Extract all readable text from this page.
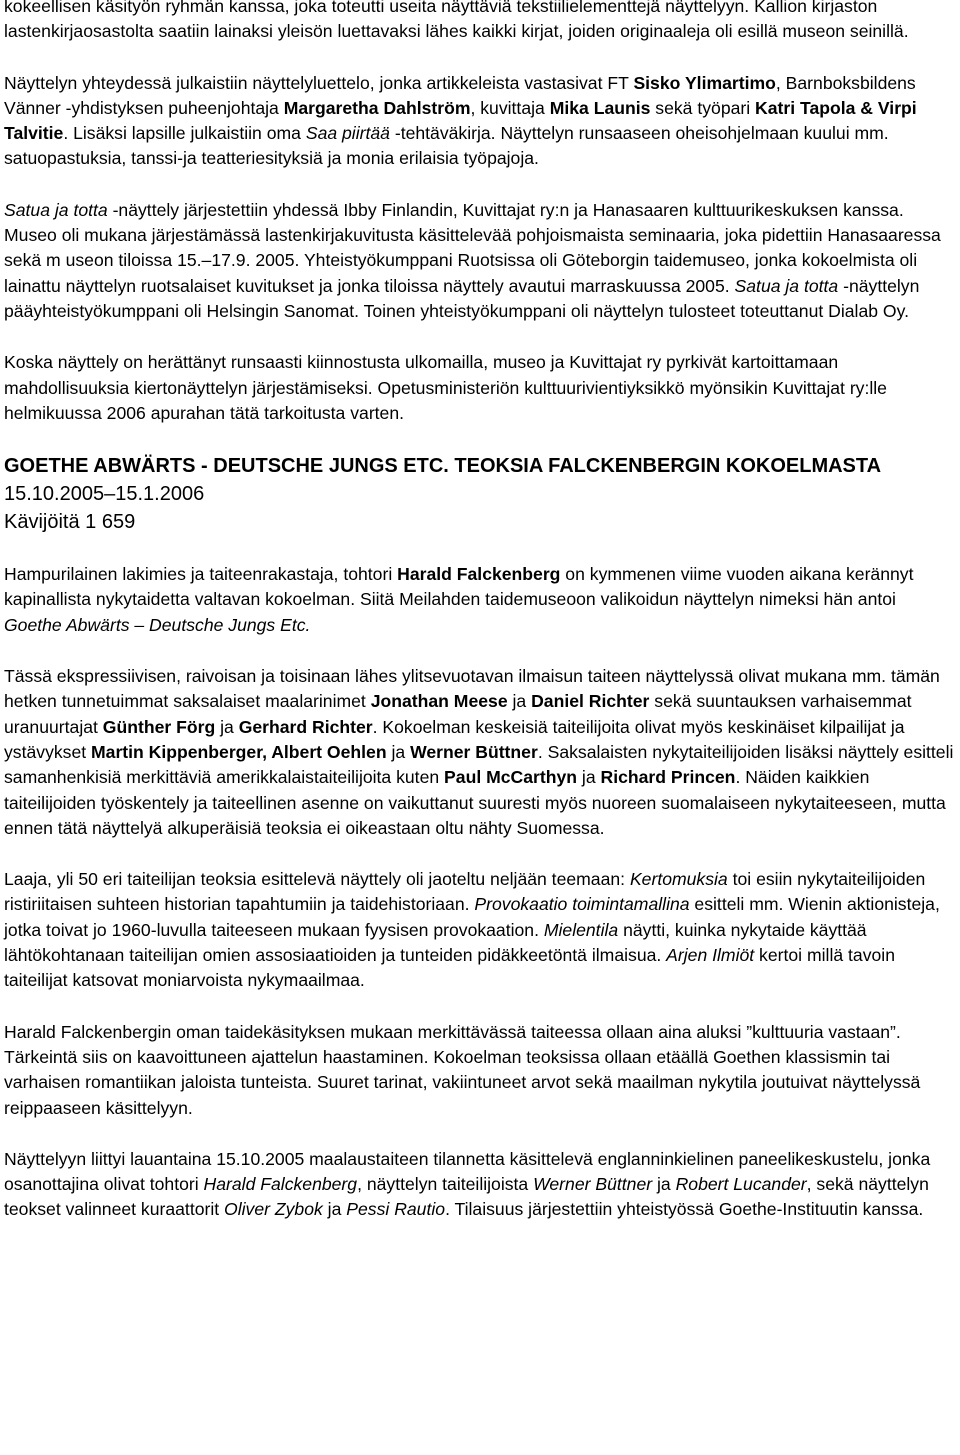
kokeellisen käsityön ryhmän kanssa, joka toteutti useita näyttäviä tekstiilielementtejä näyttelyyn. Kallion kirjaston lastenkirjaosastolta saatiin lainaksi yleisön luettavaksi lähes kaikki kirjat, joiden originaaleja oli esillä museon seinillä.

Näyttelyn yhteydessä julkaistiin näyttelyluettelo, jonka artikkeleista vastasivat FT Sisko Ylimartimo, Barnboksbildens Vänner -yhdistyksen puheenjohtaja Margaretha Dahlström, kuvittaja Mika Launis sekä työpari Katri Tapola & Virpi Talvitie. Lisäksi lapsille julkaistiin oma Saa piirtää -tehtäväkirja. Näyttelyn runsaaseen oheisohjelmaan kuului mm. satuopastuksia, tanssi-ja teatteriesityksiä ja monia erilaisia työpajoja.

Satua ja totta -näyttely järjestettiin yhdessä Ibby Finlandin, Kuvittajat ry:n ja Hanasaaren kulttuurikeskuksen kanssa. Museo oli mukana järjestämässä lastenkirjakuvitusta käsittelevää pohjoismaista seminaaria, joka pidettiin Hanasaaressa sekä m useon tiloissa 15.–17.9. 2005. Yhteistyökumppani Ruotsissa oli Göteborgin taidemuseo, jonka kokoelmista oli lainattu näyttelyn ruotsalaiset kuvitukset ja jonka tiloissa näyttely avautui marraskuussa 2005. Satua ja totta -näyttelyn pääyhteistyökumppani oli Helsingin Sanomat. Toinen yhteistyökumppani oli näyttelyn tulosteet toteuttanut Dialab Oy.

Koska näyttely on herättänyt runsaasti kiinnostusta ulkomailla, museo ja Kuvittajat ry pyrkivät kartoittamaan mahdollisuuksia kiertonäyttelyn järjestämiseksi. Opetusministeriön kulttuurivientiyksikkö myönsikin Kuvittajat ry:lle helmikuussa 2006 apurahan tätä tarkoitusta varten.

GOETHE ABWÄRTS - DEUTSCHE JUNGS ETC. TEOKSIA FALCKENBERGIN KOKOELMASTA

15.10.2005–15.1.2006

Kävijöitä 1 659

Hampurilainen lakimies ja taiteenrakastaja, tohtori Harald Falckenberg on kymmenen viime vuoden aikana kerännyt kapinallista nykytaidetta valtavan kokoelman. Siitä Meilahden taidemuseoon valikoidun näyttelyn nimeksi hän antoi Goethe Abwärts – Deutsche Jungs Etc.

Tässä ekspressiivisen, raivoisan ja toisinaan lähes ylitsevuotavan ilmaisun taiteen näyttelyssä olivat mukana mm. tämän hetken tunnetuimmat saksalaiset maalarinimet Jonathan Meese ja Daniel Richter sekä suuntauksen varhaisemmat uranuurtajat Günther Förg ja Gerhard Richter. Kokoelman keskeisiä taiteilijoita olivat myös keskinäiset kilpailijat ja ystävykset Martin Kippenberger, Albert Oehlen ja Werner Büttner. Saksalaisten nykytaiteilijoiden lisäksi näyttely esitteli samanhenkisiä merkittäviä amerikkalaistaiteilijoita kuten Paul McCarthyn ja Richard Princen. Näiden kaikkien taiteilijoiden työskentely ja taiteellinen asenne on vaikuttanut suuresti myös nuoreen suomalaiseen nykytaiteeseen, mutta ennen tätä näyttelyä alkuperäisiä teoksia ei oikeastaan oltu nähty Suomessa.

Laaja, yli 50 eri taiteilijan teoksia esittelevä näyttely oli jaoteltu neljään teemaan: Kertomuksia toi esiin nykytaiteilijoiden ristiriitaisen suhteen historian tapahtumiin ja taidehistoriaan. Provokaatio toimintamallina esitteli mm. Wienin aktionisteja, jotka toivat jo 1960-luvulla taiteeseen mukaan fyysisen provokaation. Mielentila näytti, kuinka nykytaide käyttää lähtökohtanaan taiteilijan omien assosiaatioiden ja tunteiden pidäkkeetöntä ilmaisua. Arjen Ilmiöt kertoi millä tavoin taiteilijat katsovat moniarvoista nykymaailmaa.

Harald Falckenbergin oman taidekäsityksen mukaan merkittävässä taiteessa ollaan aina aluksi ”kulttuuria vastaan”. Tärkeintä siis on kaavoittuneen ajattelun haastaminen. Kokoelman teoksissa ollaan etäällä Goethen klassismin tai varhaisen romantiikan jaloista tunteista. Suuret tarinat, vakiintuneet arvot sekä maailman nykytila joutuivat näyttelyssä reippaaseen käsittelyyn.

Näyttelyyn liittyi lauantaina 15.10.2005 maalaustaiteen tilannetta käsittelevä englanninkielinen paneelikeskustelu, jonka osanottajina olivat tohtori Harald Falckenberg, näyttelyn taiteilijoista Werner Büttner ja Robert Lucander, sekä näyttelyn teokset valinneet kuraattorit Oliver Zybok ja Pessi Rautio. Tilaisuus järjestettiin yhteistyössä Goethe-Instituutin kanssa.
